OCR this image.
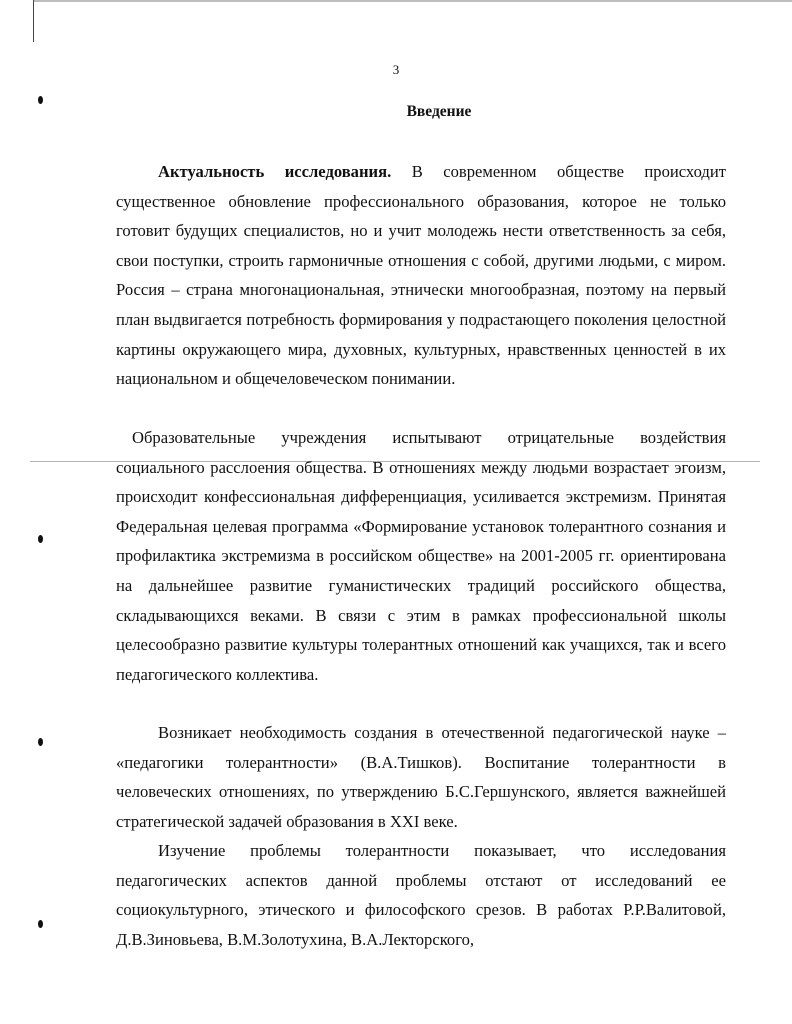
3
Введение

Актуальность исследования. В современном обществе происходит существенное обновление профессионального образования, которое не только готовит будущих специалистов, но и учит молодежь нести ответственность за себя, свои поступки, строить гармоничные отношения с собой, другими людьми, с миром. Россия – страна многонациональная, этнически многообразная, поэтому на первый план выдвигается потребность формирования у подрастающего поколения целостной картины окружающего мира, духовных, культурных, нравственных ценностей в их национальном и общечеловеческом понимании.

Образовательные учреждения испытывают отрицательные воздействия социального расслоения общества. В отношениях между людьми возрастает эгоизм, происходит конфессиональная дифференциация, усиливается экстремизм. Принятая Федеральная целевая программа «Формирование установок толерантного сознания и профилактика экстремизма в российском обществе» на 2001-2005 гг. ориентирована на дальнейшее развитие гуманистических традиций российского общества, складывающихся веками. В связи с этим в рамках профессиональной школы целесообразно развитие культуры толерантных отношений как учащихся, так и всего педагогического коллектива.

Возникает необходимость создания в отечественной педагогической науке – «педагогики толерантности» (В.А.Тишков). Воспитание толерантности в человеческих отношениях, по утверждению Б.С.Гершунского, является важнейшей стратегической задачей образования в XXI веке.

Изучение проблемы толерантности показывает, что исследования педагогических аспектов данной проблемы отстают от исследований ее социокультурного, этического и философского срезов. В работах Р.Р.Валитовой, Д.В.Зиновьева, В.М.Золотухина, В.А.Лекторского,
